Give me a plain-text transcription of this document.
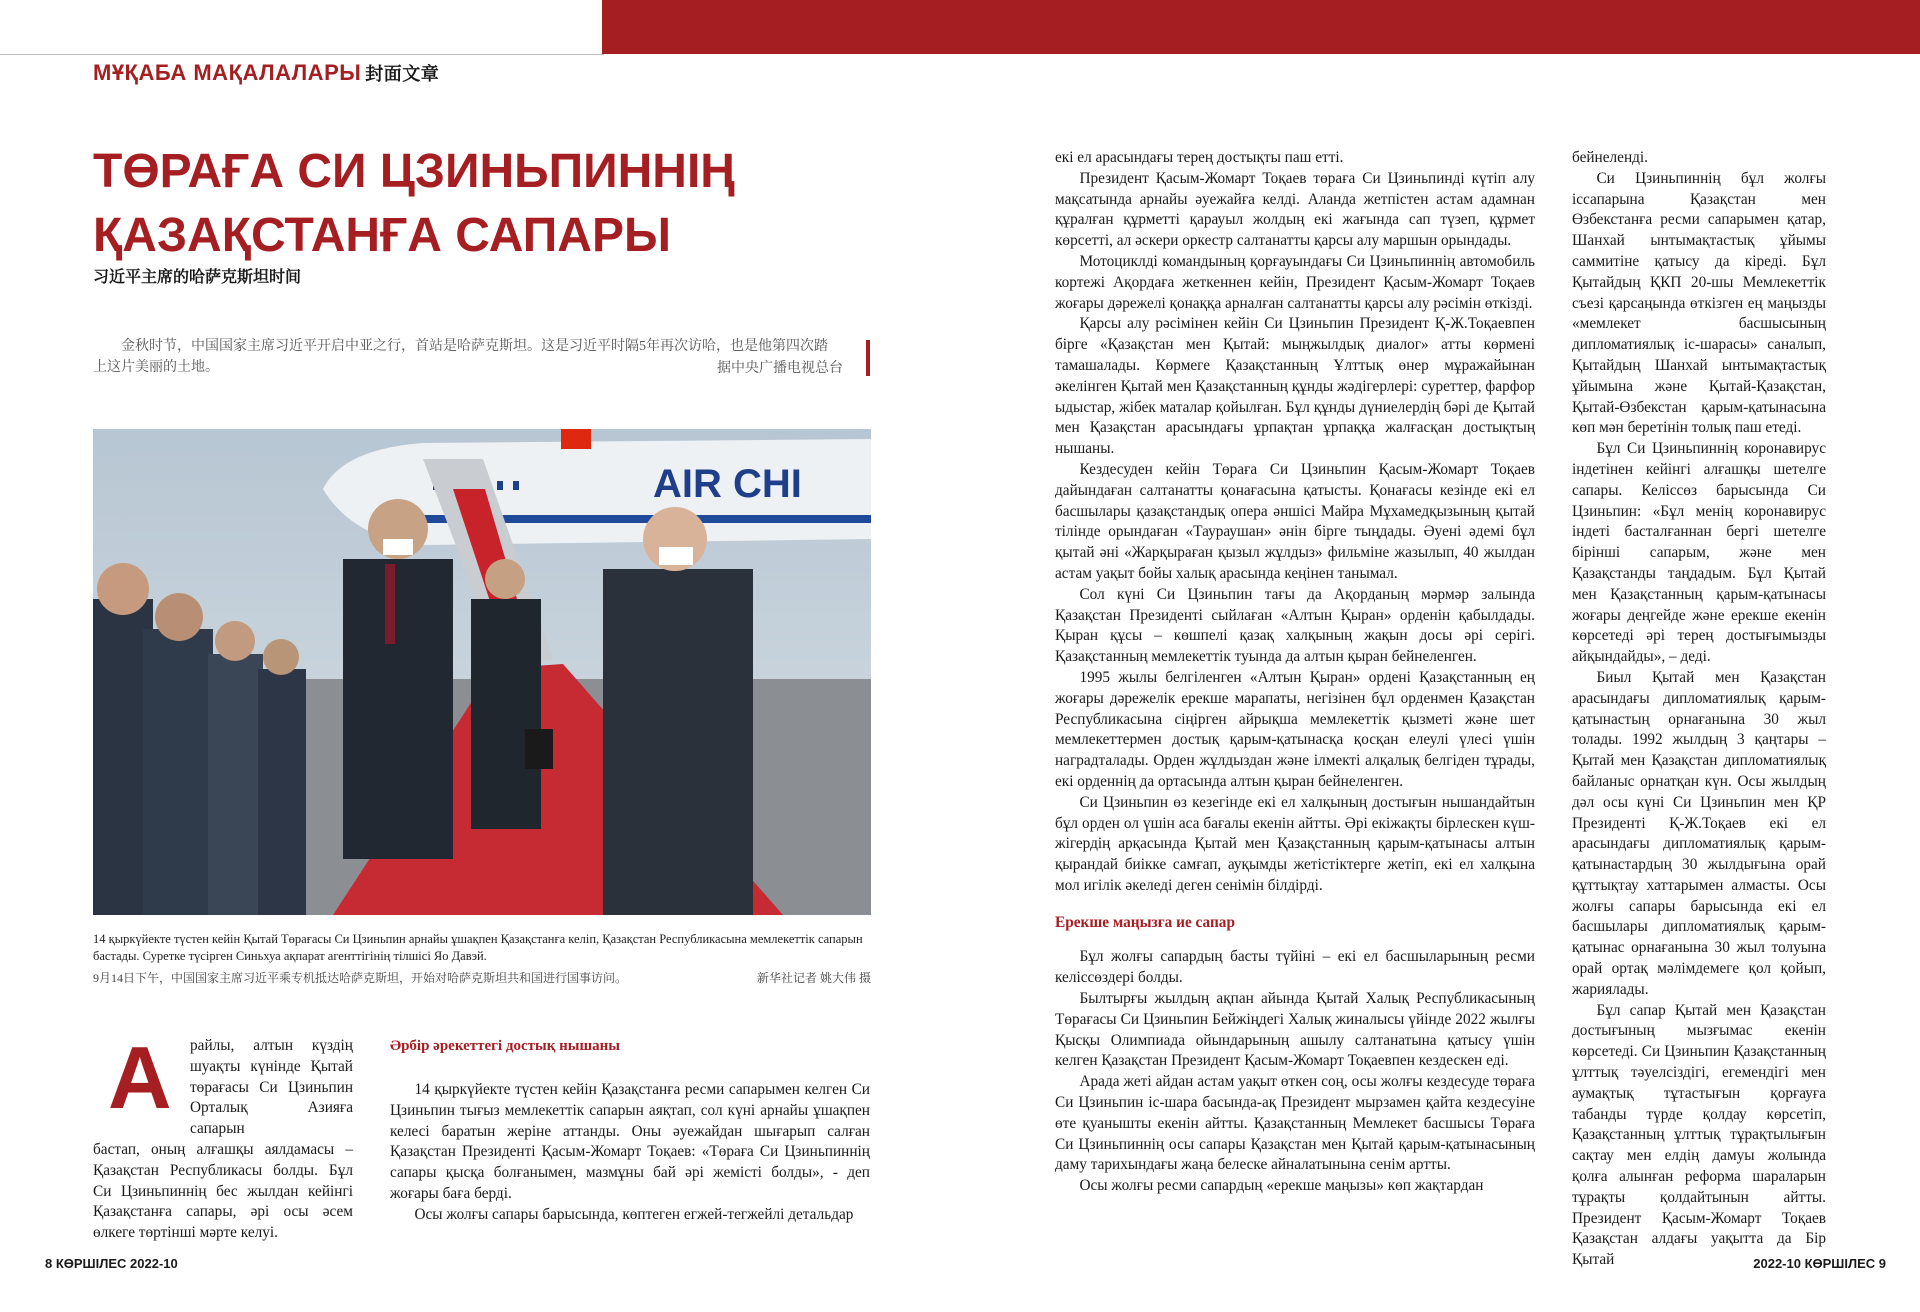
МҰҚАБА МАҚАЛАЛАРЫ 封面文章
ТӨРАҒА СИ ЦЗИНЬПИННІҢ
ҚАЗАҚСТАНҒА САПАРЫ
习近平主席的哈萨克斯坦时间
金秋时节，中国国家主席习近平开启中亚之行，首站是哈萨克斯坦。这是习近平时隔5年再次访哈，也是他第四次踏上这片美丽的土地。	据中央广播电视总台
AIR CHI
14 қыркүйекте түстен кейін Қытай Төрағасы Си Цзиньпин арнайы ұшақпен Қазақстанға келіп, Қазақстан Республикасына мемлекеттік сапарын бастады. Суретке түсірген Синьхуа ақпарат агенттігінің тілшісі Яо Давэй.
9月14日下午，中国国家主席习近平乘专机抵达哈萨克斯坦，开始对哈萨克斯坦共和国进行国事访问。	新华社记者 姚大伟 摄
А райлы, алтын күздің шуақты күнінде Қытай төрағасы Си Цзиньпин Орталық Азияға сапарын

бастап, оның алғашқы аялдамасы – Қазақстан Республикасы болды. Бұл Си Цзиньпиннің бес жылдан кейінгі Қазақстанға сапары, әрі осы әсем өлкеге төртінші мәрте келуі.

Әрбір әрекеттегі достық нышаны

14 қыркүйекте түстен кейін Қазақстанға ресми сапарымен келген Си Цзиньпин тығыз мемлекеттік сапарын аяқтап, сол күні арнайы ұшақпен келесі баратын жеріне аттанды. Оны әуежайдан шығарып салған Қазақстан Президенті Қасым-Жомарт Тоқаев: «Төраға Си Цзиньпиннің сапары қысқа болғанымен, мазмұны бай әрі жемісті болды», - деп жоғары баға берді.

Осы жолғы сапары барысында, көптеген егжей-тегжейлі детальдар

екі ел арасындағы терең достықты паш етті.

Президент Қасым-Жомарт Тоқаев төраға Си Цзиньпинді күтіп алу мақсатында арнайы әуежайға келді. Аланда жетпістен астам адамнан құралған құрметті қарауыл жолдың екі жағында сап түзеп, құрмет көрсетті, ал әскери оркестр салтанатты қарсы алу маршын орындады.

Мотоциклді командының қорғауындағы Си Цзиньпиннің автомобиль кортежі Ақордаға жеткеннен кейін, Президент Қасым-Жомарт Тоқаев жоғары дәрежелі қонаққа арналған салтанатты қарсы алу рәсімін өткізді.

Қарсы алу рәсімінен кейін Си Цзиньпин Президент Қ-Ж.Тоқаевпен бірге «Қазақстан мен Қытай: мыңжылдық диалог» атты көрмені тамашалады. Көрмеге Қазақстанның Ұлттық өнер мұражайынан әкелінген Қытай мен Қазақстанның құнды жәдігерлері: суреттер, фарфор ыдыстар, жібек маталар қойылған. Бұл құнды дүниелердің бәрі де Қытай мен Қазақстан арасындағы ұрпақтан ұрпаққа жалғасқан достықтың нышаны.

Кездесуден кейін Төраға Си Цзиньпин Қасым-Жомарт Тоқаев дайындаған салтанатты қонағасына қатысты. Қонағасы кезінде екі ел басшылары қазақстандық опера әншісі Майра Мұхамедқызының қытай тілінде орындаған «Таураушан» әнін бірге тыңдады. Әуені әдемі бұл қытай әні «Жарқыраған қызыл жұлдыз» фильміне жазылып, 40 жылдан астам уақыт бойы халық арасында кеңінен танымал.

Сол күні Си Цзиньпин тағы да Ақорданың мәрмәр залында Қазақстан Президенті сыйлаған «Алтын Қыран» орденін қабылдады. Қыран құсы – көшпелі қазақ халқының жақын досы әрі серігі. Қазақстанның мемлекеттік туында да алтын қыран бейнеленген.

1995 жылы белгіленген «Алтын Қыран» ордені Қазақстанның ең жоғары дәрежелік ерекше марапаты, негізінен бұл орденмен Қазақстан Республикасына сіңірген айрықша мемлекеттік қызметі және шет мемлекеттермен достық қарым-қатынасқа қосқан елеулі үлесі үшін наградталады. Орден жұлдыздан және ілмекті алқалық белгіден тұрады, екі орденнің да ортасында алтын қыран бейнеленген.

Си Цзиньпин өз кезегінде екі ел халқының достығын нышандайтын бұл орден ол үшін аса бағалы екенін айтты. Әрі екіжақты бірлескен күш-жігердің арқасында Қытай мен Қазақстанның қарым-қатынасы алтын қырандай биікке самғап, ауқымды жетістіктерге жетіп, екі ел халқына мол игілік әкеледі деген сенімін білдірді.

Ерекше маңызға ие сапар

Бұл жолғы сапардың басты түйіні – екі ел басшыларының ресми келіссөздері болды.

Былтырғы жылдың ақпан айында Қытай Халық Республикасының Төрағасы Си Цзиньпин Бейжіңдегі Халық жиналысы үйінде 2022 жылғы Қысқы Олимпиада ойындарының ашылу салтанатына қатысу үшін келген Қазақстан Президент Қасым-Жомарт Тоқаевпен кездескен еді.

Арада жеті айдан астам уақыт өткен соң, осы жолғы кездесуде төраға Си Цзиньпин іс-шара басында-ақ Президент мырзамен қайта кездесуіне өте қуанышты екенін айтты. Қазақстанның Мемлекет басшысы Төраға Си Цзиньпиннің осы сапары Қазақстан мен Қытай қарым-қатынасының даму тарихындағы жаңа белеске айналатынына сенім артты.

Осы жолғы ресми сапардың «ерекше маңызы» көп жақтардан

бейнеленді.

Си Цзиньпиннің бұл жолғы іссапарына Қазақстан мен Өзбекстанға ресми сапарымен қатар, Шанхай ынтымақтастық ұйымы саммитіне қатысу да кіреді. Бұл Қытайдың ҚКП 20-шы Мемлекеттік съезі қарсаңында өткізген ең маңызды «мемлекет басшысының дипломатиялық іс-шарасы» саналып, Қытайдың Шанхай ынтымақтастық ұйымына және Қытай-Қазақстан, Қытай-Өзбекстан қарым-қатынасына көп мән беретінін толық паш етеді.

Бұл Си Цзиньпиннің коронавирус індетінен кейінгі алғашқы шетелге сапары. Келіссөз барысында Си Цзиньпин: «Бұл менің коронавирус індеті басталғаннан бергі шетелге бірінші сапарым, және мен Қазақстанды таңдадым. Бұл Қытай мен Қазақстанның қарым-қатынасы жоғары деңгейде және ерекше екенін көрсетеді әрі терең достығымызды айқындайды», – деді.

Биыл Қытай мен Қазақстан арасындағы дипломатиялық қарым-қатынастың орнағанына 30 жыл толады. 1992 жылдың 3 қаңтары – Қытай мен Қазақстан дипломатиялық байланыс орнатқан күн. Осы жылдың дәл осы күні Си Цзиньпин мен ҚР Президенті Қ-Ж.Тоқаев екі ел арасындағы дипломатиялық қарым-қатынастардың 30 жылдығына орай құттықтау хаттарымен алмасты. Осы жолғы сапары барысында екі ел басшылары дипломатиялық қарым-қатынас орнағанына 30 жыл толуына орай ортақ мәлімдемеге қол қойып, жариялады.

Бұл сапар Қытай мен Қазақстан достығының мызғымас екенін көрсетеді. Си Цзиньпин Қазақстанның ұлттық тәуелсіздігі, егемендігі мен аумақтық тұтастығын қорғауға табанды түрде қолдау көрсетіп, Қазақстанның ұлттық тұрақтылығын сақтау мен елдің дамуы жолында қолға алынған реформа шараларын тұрақты қолдайтынын айтты. Президент Қасым-Жомарт Тоқаев Қазақстан алдағы уақытта да Бір Қытай

8 КӨРШІЛЕС 2022-10	2022-10 КӨРШІЛЕС 9
